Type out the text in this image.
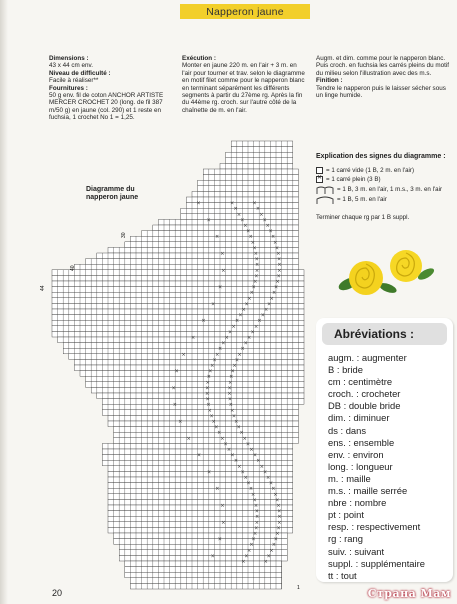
Napperon jaune
Dimensions :
43 x 44 cm env.
Niveau de difficulté :
Facile à réaliser**
Fournitures :
50 g env. fil de coton ANCHOR ARTISTE MERCER CROCHET 20 (long. de fil 387 m/50 g) en jaune (col. 290) et 1 reste en fuchsia, 1 crochet No 1 = 1,25.
Exécution :
Monter en jaune 220 m. en l'air + 3 m. en l'air pour tourner et trav. selon le diagramme en motif filet comme pour le napperon blanc en terminant séparément les différents segments à partir du 27ème rg. Après la fin du 44ème rg. croch. sur l'autre côté de la chaînette de m. en l'air.
Augm. et dim. comme pour le napperon blanc. Puis croch. en fuchsia les carrés pleins du motif du milieu selon l'illustration avec des m.s.
Finition :
Tendre le napperon puis le laisser sécher sous un linge humide.
Diagramme du napperon jaune
×	×
×
×	×
×	×
×	×
×
×	×
×	×
×	×
×
×	×
×	×
×	×
×
×	×
×	×
×	×
×
×	×
×	×
×	×
×
×	×
×	×
×	×
×
×	×
×	×
×	×
×
×	×
×	×
×	×
×
×	×
×	×
×	×
×
×	×
×	×
×	×
×
×	×
×	×
×	×
×
×	×
×	×
×	×
×
×	×
×	×
×	×
×
×	×
×	×
×	×
×
×	×
×	×
×	×
×
×	×
×	×
×	×
×
×	×
×	×
×	×
×
×	×
×	×
×	×
×
×	×
×	×
×	×
×
×	×
×	×
×	×
×
×	×
×	×
×	×
×
×	×
44
40
30
1
Explication des signes du diagramme :
= 1 carré vide (1 B, 2 m. en l'air)
✕
= 1 carré plein (3 B)
= 1 B, 3 m. en l'air, 1 m.s., 3 m. en l'air
= 1 B, 5 m. en l'air
Terminer chaque rg par 1 B suppl.
Abréviations :
augm. : augmenter
B : bride
cm : centimètre
croch. : crocheter
DB : double bride
dim. : diminuer
ds : dans
ens. : ensemble
env. : environ
long. : longueur
m. : maille
m.s. : maille serrée
nbre : nombre
pt : point
resp. : respectivement
rg : rang
suiv. : suivant
suppl. : supplémentaire
tt : tout
20	Страна Мам
